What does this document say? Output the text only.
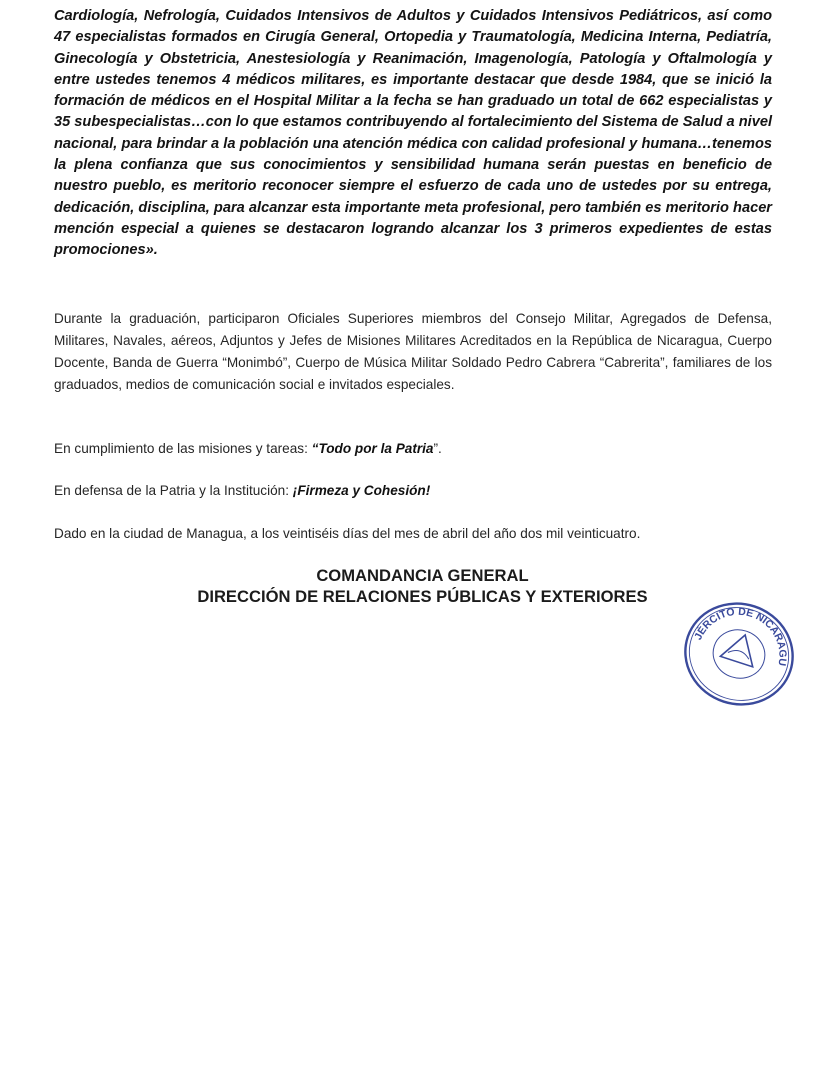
Cardiología, Nefrología, Cuidados Intensivos de Adultos y Cuidados Intensivos Pediátricos, así como 47 especialistas formados en Cirugía General, Ortopedia y Traumatología, Medicina Interna, Pediatría, Ginecología y Obstetricia, Anestesiología y Reanimación, Imagenología, Patología y Oftalmología y entre ustedes tenemos 4 médicos militares, es importante destacar que desde 1984, que se inició la formación de médicos en el Hospital Militar a la fecha se han graduado un total de 662 especialistas y 35 subespecialistas…con lo que estamos contribuyendo al fortalecimiento del Sistema de Salud a nivel nacional, para brindar a la población una atención médica con calidad profesional y humana…tenemos la plena confianza que sus conocimientos y sensibilidad humana serán puestas en beneficio de nuestro pueblo, es meritorio reconocer siempre el esfuerzo de cada uno de ustedes por su entrega, dedicación, disciplina, para alcanzar esta importante meta profesional, pero también es meritorio hacer mención especial a quienes se destacaron logrando alcanzar los 3 primeros expedientes de estas promociones».

Durante la graduación, participaron Oficiales Superiores miembros del Consejo Militar, Agregados de Defensa, Militares, Navales, aéreos, Adjuntos y Jefes de Misiones Militares Acreditados en la República de Nicaragua, Cuerpo Docente, Banda de Guerra “Monimbó”, Cuerpo de Música Militar Soldado Pedro Cabrera “Cabrerita”, familiares de los graduados, medios de comunicación social e invitados especiales.

En cumplimiento de las misiones y tareas: “Todo por la Patria”.

En defensa de la Patria y la Institución: ¡Firmeza y Cohesión!

Dado en la ciudad de Managua, a los veintiséis días del mes de abril del año dos mil veinticuatro.

COMANDANCIA GENERAL
DIRECCIÓN DE RELACIONES PÚBLICAS Y EXTERIORES
EJÉRCITO DE NICARAGUA
